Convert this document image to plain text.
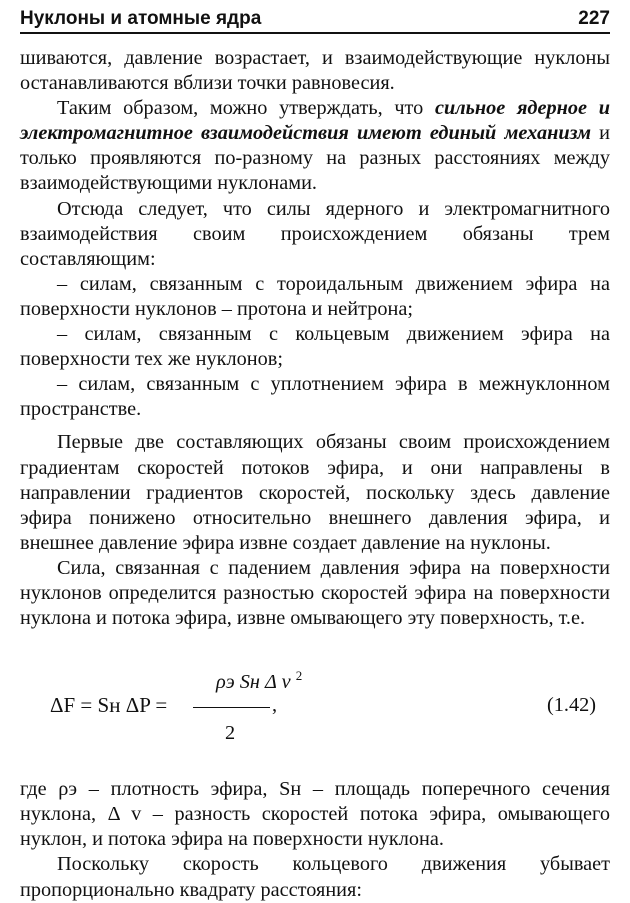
Нуклоны и атомные ядра	227

шиваются, давление возрастает, и взаимодействующие нуклоны останавливаются вблизи точки равновесия.

Таким образом, можно утверждать, что сильное ядерное и электромагнитное взаимодействия имеют единый механизм и только проявляются по-разному на разных расстояниях между взаимодействующими нуклонами.

Отсюда следует, что силы ядерного и электромагнитного взаимодействия своим происхождением обязаны трем составляющим:

– силам, связанным с тороидальным движением эфира на поверхности нуклонов – протона и нейтрона;

– силам, связанным с кольцевым движением эфира на поверхности тех же нуклонов;

– силам, связанным с уплотнением эфира в межнуклонном пространстве.

Первые две составляющих обязаны своим происхождением градиентам скоростей потоков эфира, и они направлены в направлении градиентов скоростей, поскольку здесь давление эфира понижено относительно внешнего давления эфира, и внешнее давление эфира извне создает давление на нуклоны.

Сила, связанная с падением давления эфира на поверхности нуклонов определится разностью скоростей эфира на поверхности нуклона и потока эфира, извне омывающего эту поверхность, т.е.

ρэ Sн Δ v $^2$
ΔF = Sн ΔP =	,
2
(1.42)

где ρэ – плотность эфира, Sн – площадь поперечного сечения нуклона, Δ v – разность скоростей потока эфира, омывающего нуклон, и потока эфира на поверхности нуклона.

Поскольку скорость кольцевого движения убывает пропорционально квадрату расстояния:
